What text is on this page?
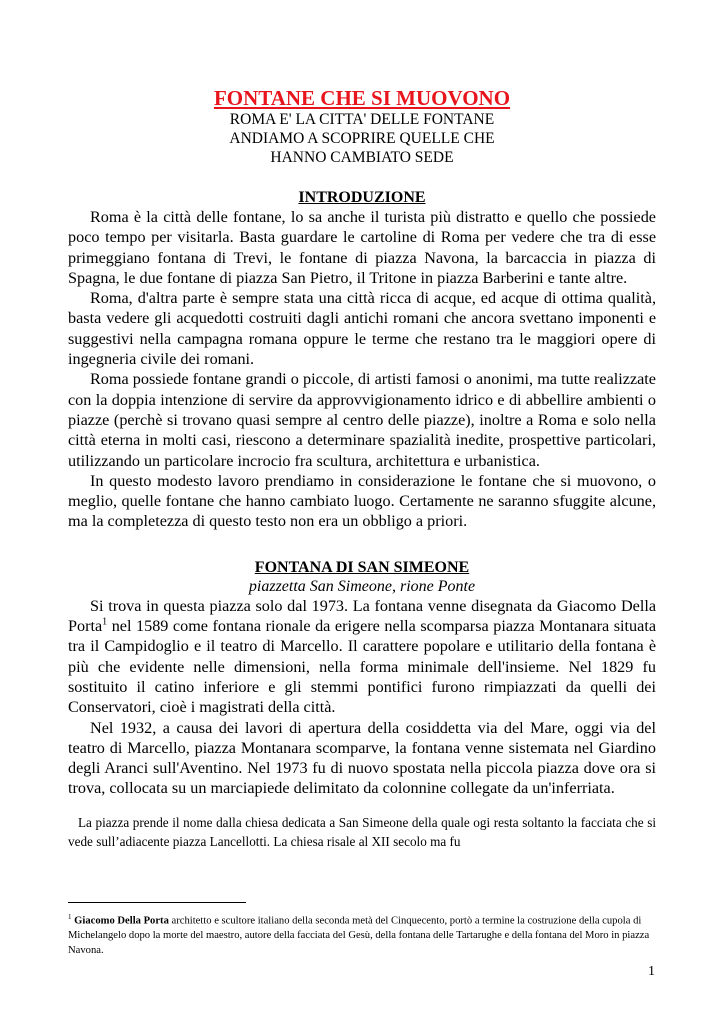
FONTANE CHE SI MUOVONO

ROMA E' LA CITTA' DELLE FONTANE

ANDIAMO A SCOPRIRE QUELLE CHE

HANNO CAMBIATO SEDE

INTRODUZIONE

Roma è la città delle fontane, lo sa anche il turista più distratto e quello che possiede poco tempo per visitarla. Basta guardare le cartoline di Roma per vedere che tra di esse primeggiano fontana di Trevi, le fontane di piazza Navona, la barcaccia in piazza di Spagna, le due fontane di piazza San Pietro, il Tritone in piazza Barberini e tante altre.

Roma, d'altra parte è sempre stata una città ricca di acque, ed acque di ottima qualità, basta vedere gli acquedotti costruiti dagli antichi romani che ancora svettano imponenti e suggestivi nella campagna romana oppure le terme che restano tra le maggiori opere di ingegneria civile dei romani.

Roma possiede fontane grandi o piccole, di artisti famosi o anonimi, ma tutte realizzate con la doppia intenzione di servire da approvvigionamento idrico e di abbellire ambienti o piazze (perchè si trovano quasi sempre al centro delle piazze), inoltre a Roma e solo nella città eterna in molti casi, riescono a determinare spazialità inedite, prospettive particolari, utilizzando un particolare incrocio fra scultura, architettura e urbanistica.

In questo modesto lavoro prendiamo in considerazione le fontane che si muovono, o meglio, quelle fontane che hanno cambiato luogo. Certamente ne saranno sfuggite alcune, ma la completezza di questo testo non era un obbligo a priori.

FONTANA DI SAN SIMEONE

piazzetta San Simeone, rione Ponte

Si trova in questa piazza solo dal 1973. La fontana venne disegnata da Giacomo Della Porta$^1$ nel 1589 come fontana rionale da erigere nella scomparsa piazza Montanara situata tra il Campidoglio e il teatro di Marcello. Il carattere popolare e utilitario della fontana è più che evidente nelle dimensioni, nella forma minimale dell'insieme. Nel 1829 fu sostituito il catino inferiore e gli stemmi pontifici furono rimpiazzati da quelli dei Conservatori, cioè i magistrati della città.

Nel 1932, a causa dei lavori di apertura della cosiddetta via del Mare, oggi via del teatro di Marcello, piazza Montanara scomparve, la fontana venne sistemata nel Giardino degli Aranci sull'Aventino. Nel 1973 fu di nuovo spostata nella piccola piazza dove ora si trova, collocata su un marciapiede delimitato da colonnine collegate da un'inferriata.

La piazza prende il nome dalla chiesa dedicata a San Simeone della quale ogi resta soltanto la facciata che si vede sull’adiacente piazza Lancellotti. La chiesa risale al XII secolo ma fu

$^1$ Giacomo Della Porta architetto e scultore italiano della seconda metà del Cinquecento, portò a termine la costruzione della cupola di Michelangelo dopo la morte del maestro, autore della facciata del Gesù, della fontana delle Tartarughe e della fontana del Moro in piazza Navona.

1
